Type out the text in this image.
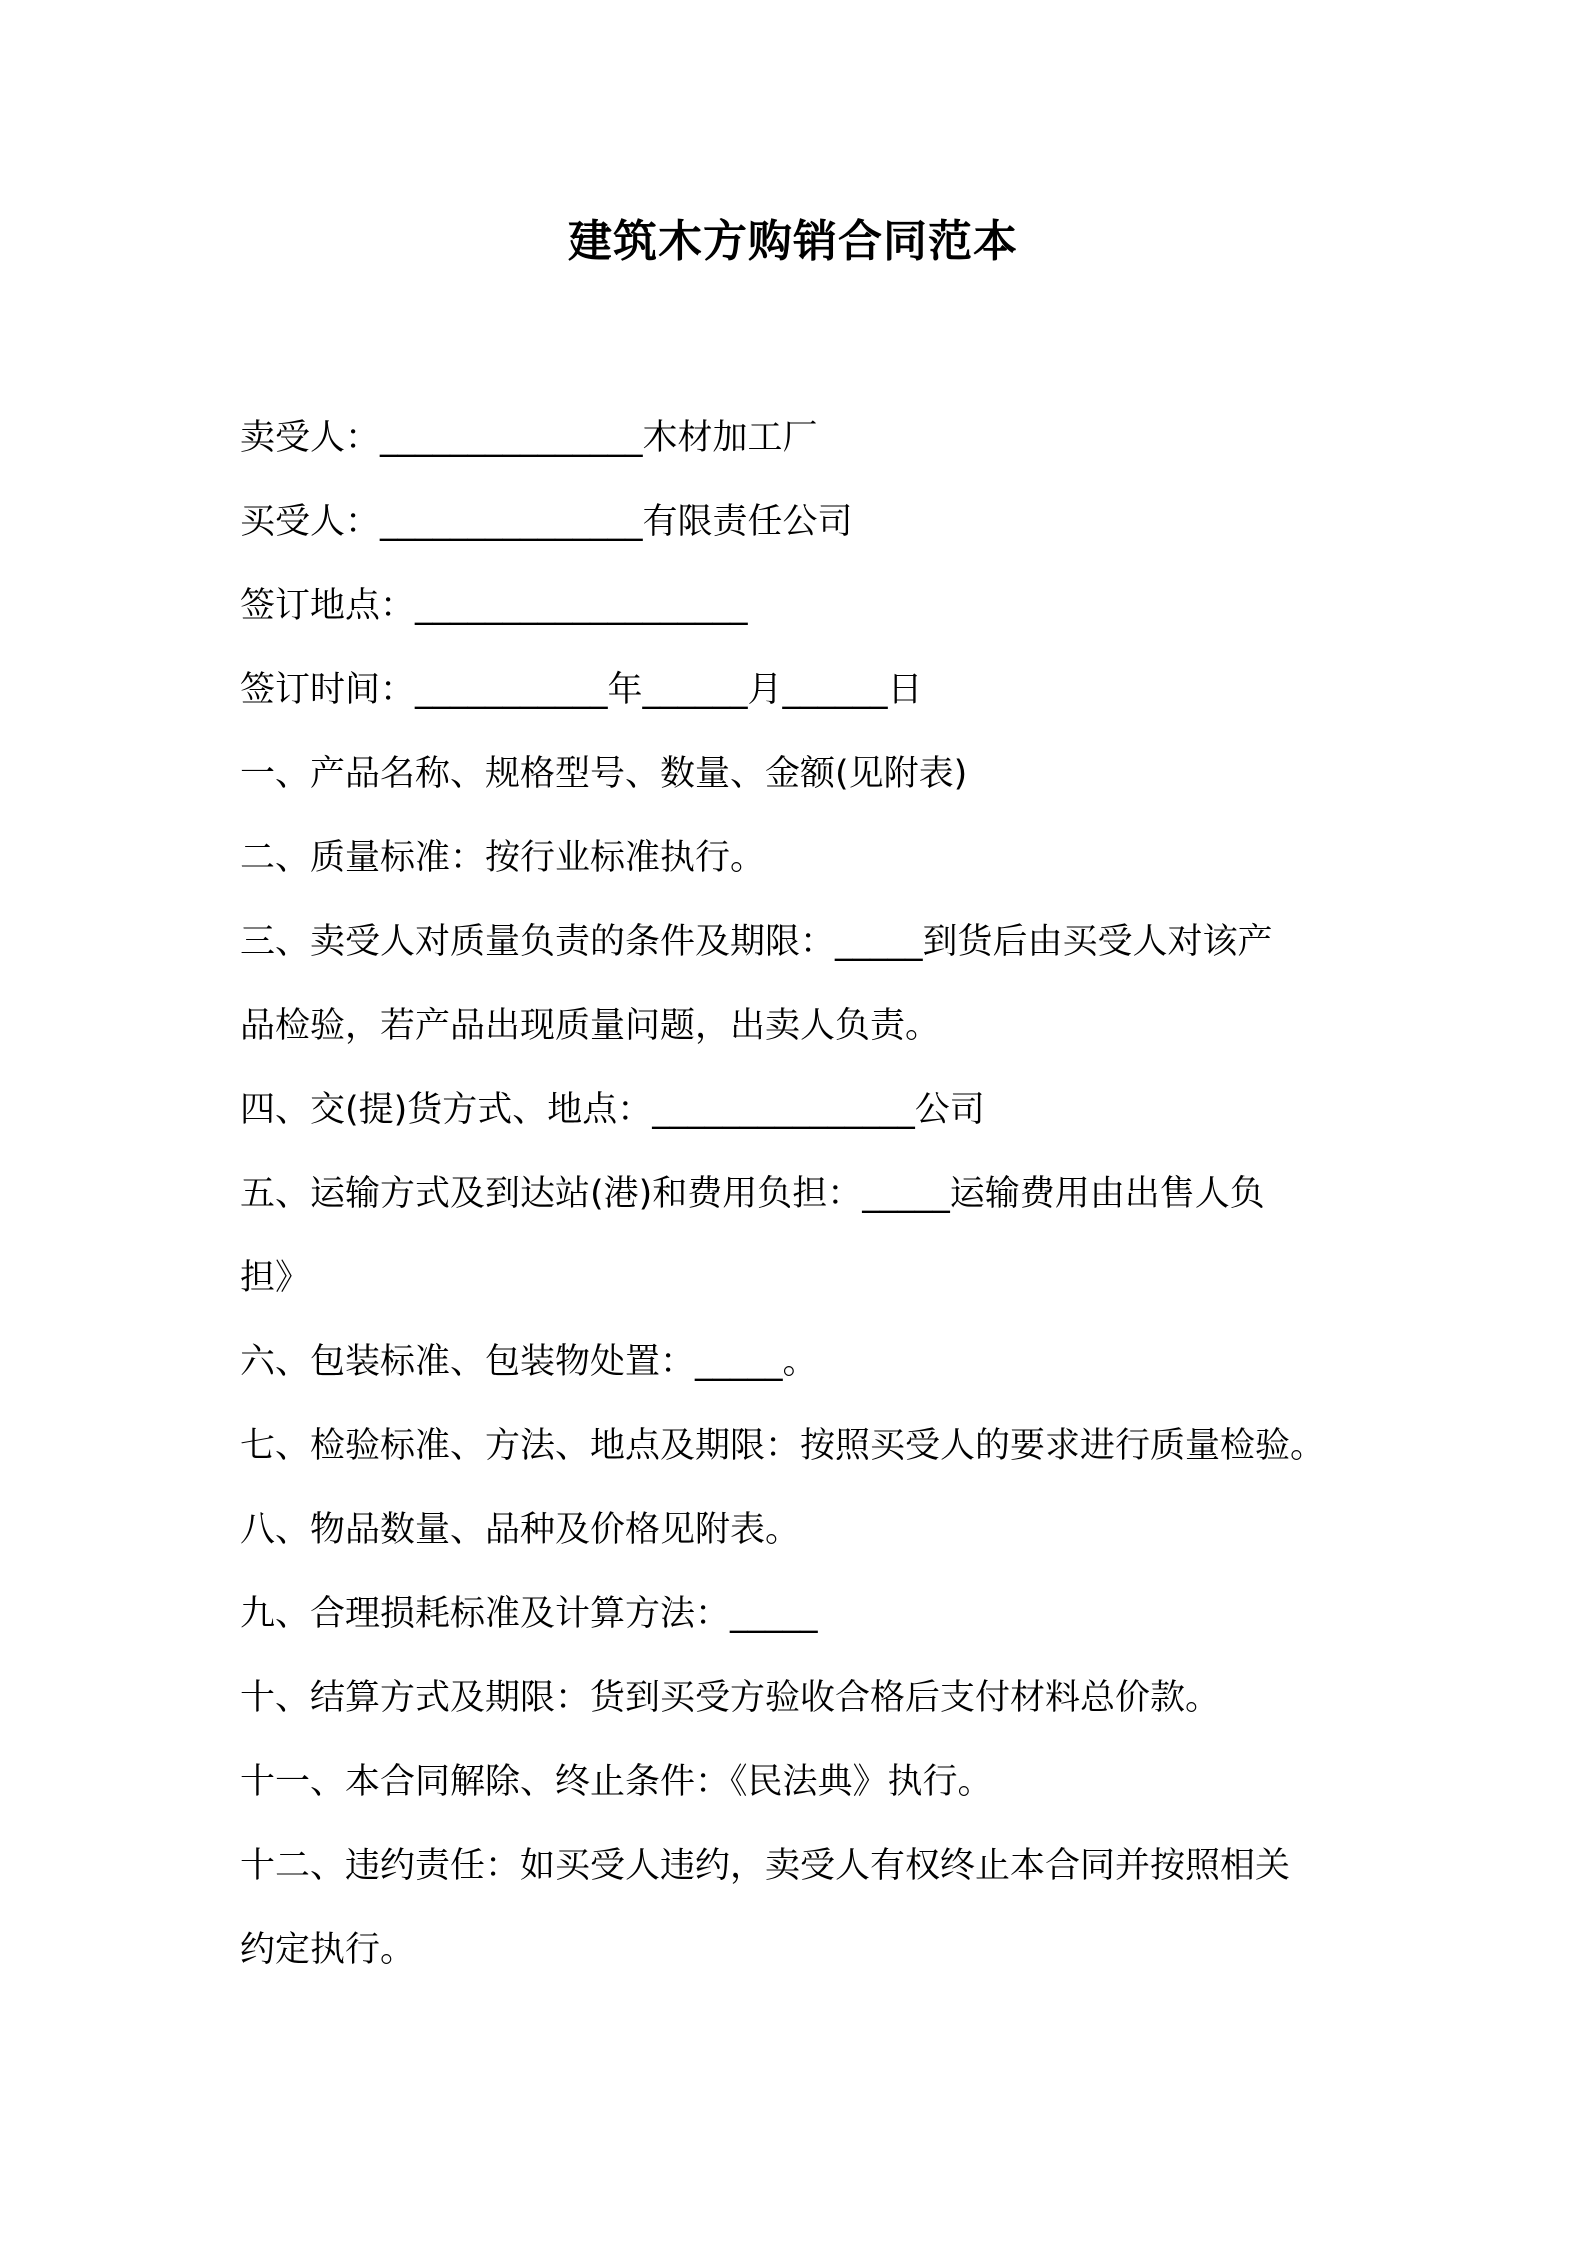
建筑木方购销合同范本
卖受人：_______________木材加工厂
买受人：_______________有限责任公司
签订地点：___________________
签订时间：___________年______月______日
一、产品名称、规格型号、数量、金额(见附表)
二、质量标准：按行业标准执行。
三、卖受人对质量负责的条件及期限：_____到货后由买受人对该产
品检验，若产品出现质量问题，出卖人负责。
四、交(提)货方式、地点：_______________公司
五、运输方式及到达站(港)和费用负担：_____运输费用由出售人负
担》
六、包装标准、包装物处置：_____。
七、检验标准、方法、地点及期限：按照买受人的要求进行质量检验。
八、物品数量、品种及价格见附表。
九、合理损耗标准及计算方法：_____
十、结算方式及期限：货到买受方验收合格后支付材料总价款。
十一、本合同解除、终止条件：《民法典》执行。
十二、违约责任：如买受人违约，卖受人有权终止本合同并按照相关
约定执行。
